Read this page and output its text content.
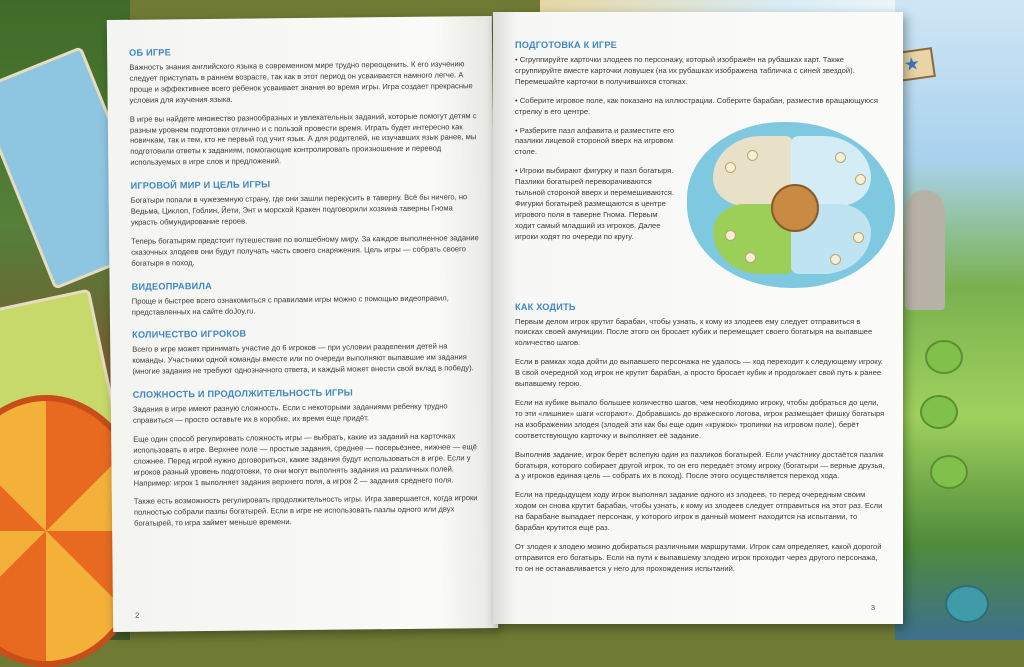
★
ОБ ИГРЕ

Важность знания английского языка в современном мире трудно переоценить. К его изучению следует приступать в раннем возрасте, так как в этот период он усваивается намного легче. А проще и эффективнее всего ребенок усваивает знания во время игры. Игра создает прекрасные условия для изучения языка.

В игре вы найдете множество разнообразных и увлекательных заданий, которые помогут детям с разным уровнем подготовки отлично и с пользой провести время. Играть будет интересно как новичкам, так и тем, кто не первый год учит язык. А для родителей, не изучавших язык ранее, мы подготовили ответы к заданиям, помогающие контролировать произношение и перевод используемых в игре слов и предложений.

ИГРОВОЙ МИР И ЦЕЛЬ ИГРЫ

Богатыри попали в чужеземную страну, где они зашли перекусить в таверну. Всё бы ничего, но Ведьма, Циклоп, Гоблин, Йети, Энт и морской Кракен подговорили хозяина таверны Гнома украсть обмундирование героев.

Теперь богатырям предстоит путешествие по волшебному миру. За каждое выполненное задание сказочных злодеев они будут получать часть своего снаряжения. Цель игры — собрать своего богатыря в поход.

ВИДЕОПРАВИЛА

Проще и быстрее всего ознакомиться с правилами игры можно с помощью видеоправил, представленных на сайте doJoy.ru.

КОЛИЧЕСТВО ИГРОКОВ

Всего в игре может принимать участие до 6 игроков — при условии разделения детей на команды. Участники одной команды вместе или по очереди выполняют выпавшие им задания (многие задания не требуют однозначного ответа, и каждый может внести свой вклад в победу).

СЛОЖНОСТЬ И ПРОДОЛЖИТЕЛЬНОСТЬ ИГРЫ

Задания в игре имеют разную сложность. Если с некоторыми заданиями ребенку трудно справиться — просто оставьте их в коробке, их время еще придёт.

Еще один способ регулировать сложность игры — выбрать, какие из заданий на карточках использовать в игре. Верхнее поле — простые задания, среднее — посерьёзнее, нижнее — ещё сложнее. Перед игрой нужно договориться, какие задания будут использоваться в игре. Если у игроков разный уровень подготовки, то они могут выполнять задания из различных полей. Например: игрок 1 выполняет задания верхнего поля, а игрок 2 — задания среднего поля.

Также есть возможность регулировать продолжительность игры. Игра завершается, когда игроки полностью собрали пазлы богатырей. Если в игре не использовать пазлы одного или двух богатырей, то игра займет меньше времени.

2
ПОДГОТОВКА К ИГРЕ

• Сгруппируйте карточки злодеев по персонажу, который изображён на рубашках карт. Также сгруппируйте вместе карточки ловушек (на их рубашках изображена табличка с синей звездой). Перемешайте карточки в получившихся стопках.

• Соберите игровое поле, как показано на иллюстрации. Соберите барабан, разместив вращающуюся стрелку в его центре.

• Разберите пазл алфавита и разместите его пазлики лицевой стороной вверх на игровом столе.

• Игроки выбирают фигурку и пазл богатыря. Пазлики богатырей переворачиваются тыльной стороной вверх и перемешиваются. Фигурки богатырей размещаются в центре игрового поля в таверне Гнома. Первым ходит самый младший из игроков. Далее игроки ходят по очереди по кругу.

КАК ХОДИТЬ

Первым делом игрок крутит барабан, чтобы узнать, к кому из злодеев ему следует отправиться в поисках своей амуниции. После этого он бросает кубик и перемещает своего богатыря на выпавшее количество шагов.

Если в рамках хода дойти до выпавшего персонажа не удалось — ход переходит к следующему игроку. В свой очередной ход игрок не крутит барабан, а просто бросает кубик и продолжает свой путь к ранее выпавшему герою.

Если на кубике выпало большее количество шагов, чем необходимо игроку, чтобы добраться до цели, то эти «лишние» шаги «сгорают». Добравшись до вражеского логова, игрок размещает фишку богатыря на изображении злодея (злодей эти как бы еще один «кружок» тропинки на игровом поле), берёт соответствующую карточку и выполняет её задание.

Выполнив задание, игрок берёт вслепую один из пазликов богатырей. Если участнику достаётся пазлик богатыря, которого собирает другой игрок, то он его передаёт этому игроку (богатыри — верные друзья, а у игроков единая цель — собрать их в поход). После этого осуществляется переход хода.

Если на предыдущем ходу игрок выполнял задание одного из злодеев, то перед очередным своим ходом он снова крутит барабан, чтобы узнать, к кому из злодеев следует отправиться на этот раз. Если на барабане выпадает персонаж, у которого игрок в данный момент находится на испытании, то барабан крутится ещё раз.

От злодея к злодею можно добираться различными маршрутами. Игрок сам определяет, какой дорогой отправится его богатырь. Если на пути к выпавшему злодею игрок проходит через другого персонажа, то он не останавливается у него для прохождения испытаний.

3
